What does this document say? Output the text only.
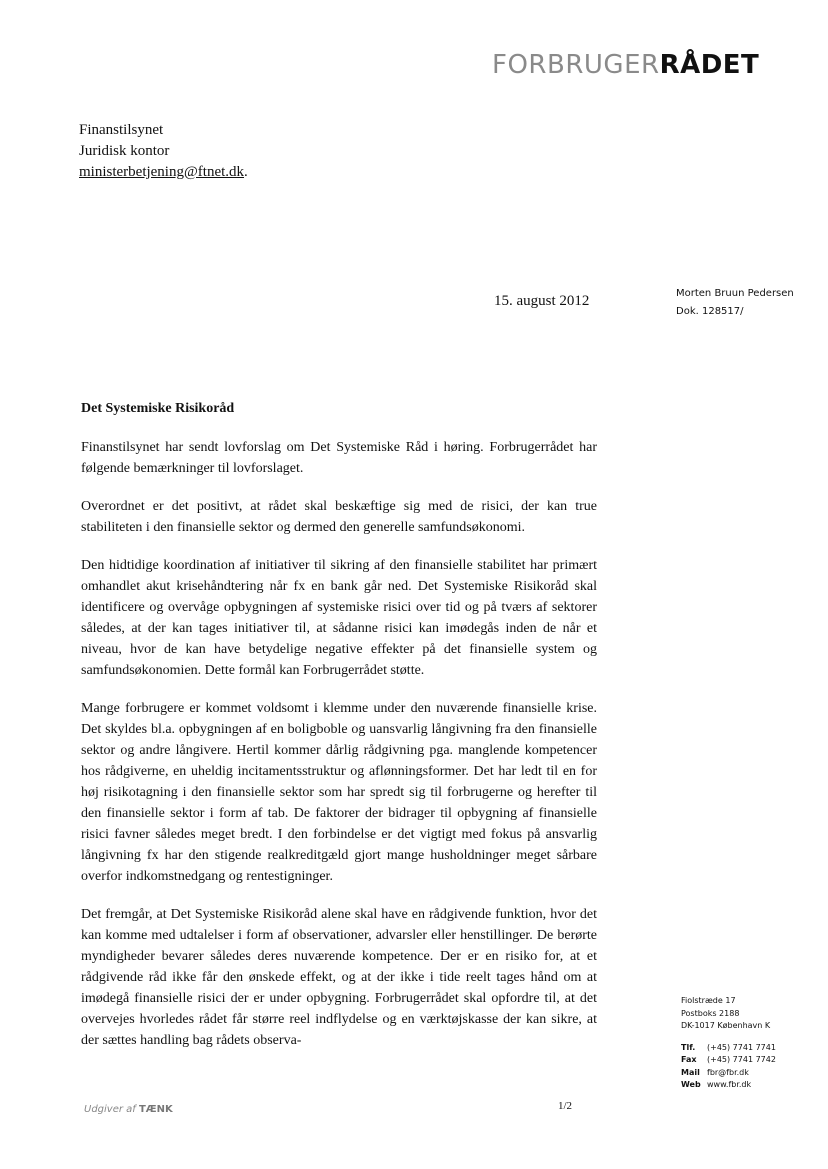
FORBRUGERRÅDET
Finanstilsynet
Juridisk kontor
ministerbetjening@ftnet.dk.
15. august 2012	Morten Bruun Pedersen
Dok. 128517/
Det Systemiske Risikoråd

Finanstilsynet har sendt lovforslag om Det Systemiske Råd i høring. Forbrugerrådet har følgende bemærkninger til lovforslaget.

Overordnet er det positivt, at rådet skal beskæftige sig med de risici, der kan true stabiliteten i den finansielle sektor og dermed den generelle samfundsøkonomi.

Den hidtidige koordination af initiativer til sikring af den finansielle stabilitet har primært omhandlet akut krisehåndtering når fx en bank går ned. Det Systemiske Risikoråd skal identificere og overvåge opbygningen af systemiske risici over tid og på tværs af sektorer således, at der kan tages initiativer til, at sådanne risici kan imødegås inden de når et niveau, hvor de kan have betydelige negative effekter på det finansielle system og samfundsøkonomien. Dette formål kan Forbrugerrådet støtte.

Mange forbrugere er kommet voldsomt i klemme under den nuværende finansielle krise. Det skyldes bl.a. opbygningen af en boligboble og uansvarlig långivning fra den finansielle sektor og andre långivere. Hertil kommer dårlig rådgivning pga. manglende kompetencer hos rådgiverne, en uheldig incitamentsstruktur og aflønningsformer. Det har ledt til en for høj risikotagning i den finansielle sektor som har spredt sig til forbrugerne og herefter til den finansielle sektor i form af tab. De faktorer der bidrager til opbygning af finansielle risici favner således meget bredt. I den forbindelse er det vigtigt med fokus på ansvarlig långivning fx har den stigende realkreditgæld gjort mange husholdninger meget sårbare overfor indkomstnedgang og rentestigninger.

Det fremgår, at Det Systemiske Risikoråd alene skal have en rådgivende funktion, hvor det kan komme med udtalelser i form af observationer, advarsler eller henstillinger. De berørte myndigheder bevarer således deres nuværende kompetence. Der er en risiko for, at et rådgivende råd ikke får den ønskede effekt, og at der ikke i tide reelt tages hånd om at imødegå finansielle risici der er under opbygning. Forbrugerrådet skal opfordre til, at det overvejes hvorledes rådet får større reel indflydelse og en værktøjskasse der kan sikre, at der sættes handling bag rådets observa-

Fiolstræde 17
Postboks 2188
DK-1017 København K
Tlf. (+45) 7741 7741
Fax (+45) 7741 7742
Mail fbr@fbr.dk
Web www.fbr.dk
Udgiver af TÆNK	1/2
